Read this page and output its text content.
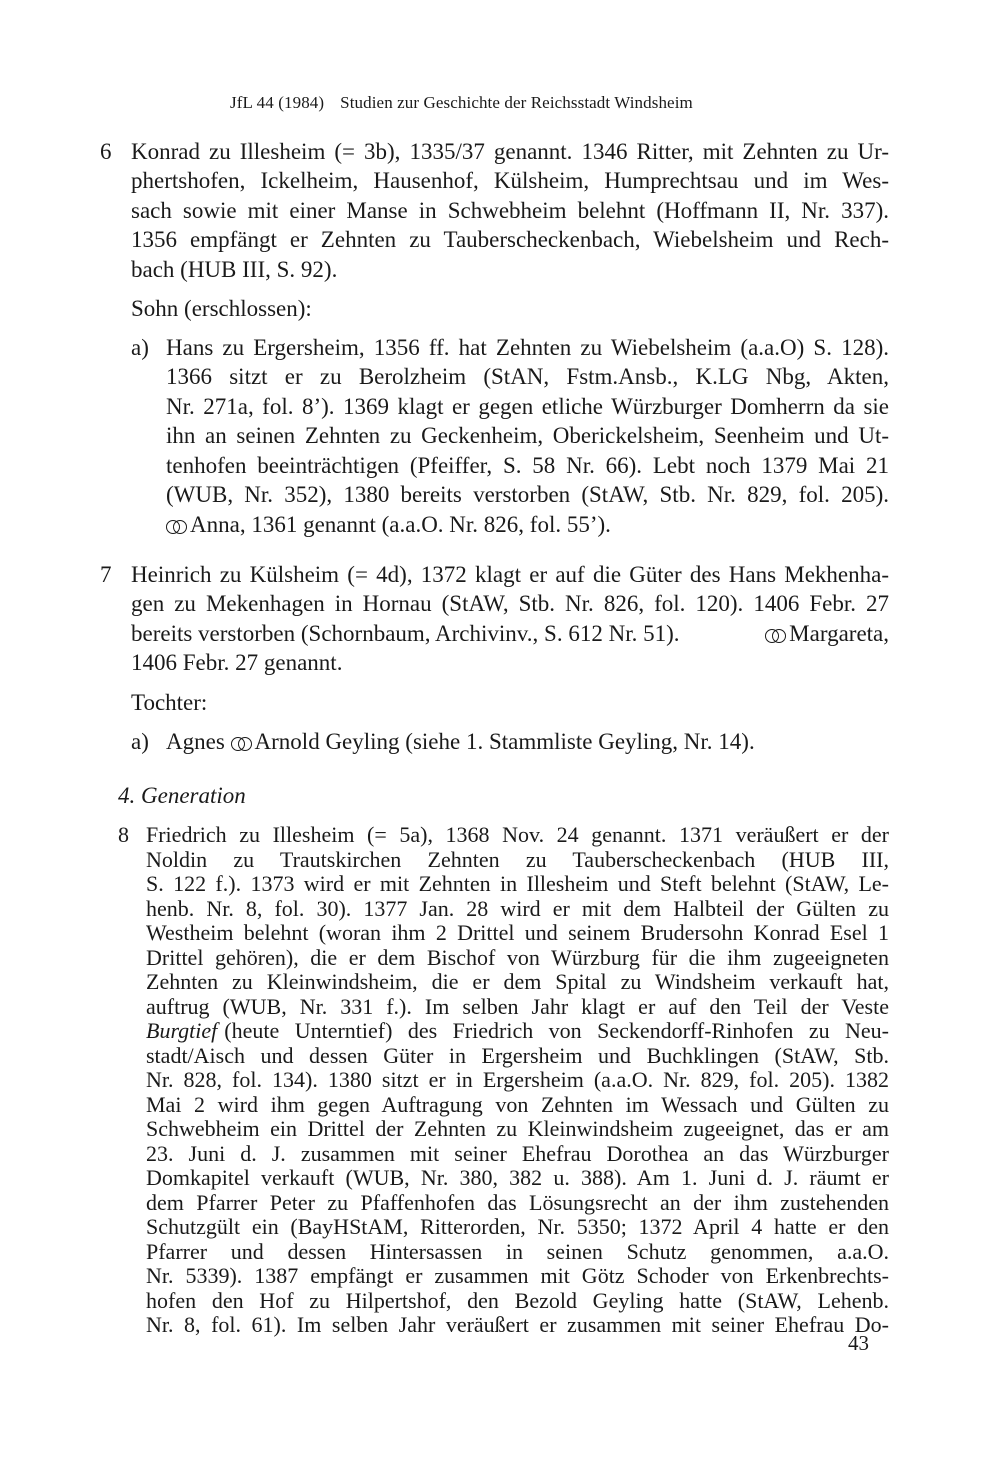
JfL 44 (1984) Studien zur Geschichte der Reichsstadt Windsheim
6 Konrad zu Illesheim (= 3b), 1335/37 genannt. 1346 Ritter, mit Zehnten zu Ur-
phertshofen, Ickelheim, Hausenhof, Külsheim, Humprechtsau und im Wes-
sach sowie mit einer Manse in Schwebheim belehnt (Hoffmann II, Nr. 337).
1356 empfängt er Zehnten zu Tauberscheckenbach, Wiebelsheim und Rech-
bach (HUB III, S. 92).
Sohn (erschlossen):
a) Hans zu Ergersheim, 1356 ff. hat Zehnten zu Wiebelsheim (a.a.O) S. 128).
1366 sitzt er zu Berolzheim (StAN, Fstm.Ansb., K.LG Nbg, Akten,
Nr. 271a, fol. 8’). 1369 klagt er gegen etliche Würzburger Domherrn da sie
ihn an seinen Zehnten zu Geckenheim, Oberickelsheim, Seenheim und Ut-
tenhofen beeinträchtigen (Pfeiffer, S. 58 Nr. 66). Lebt noch 1379 Mai 21
(WUB, Nr. 352), 1380 bereits verstorben (StAW, Stb. Nr. 829, fol. 205).
Anna, 1361 genannt (a.a.O. Nr. 826, fol. 55’).
7 Heinrich zu Külsheim (= 4d), 1372 klagt er auf die Güter des Hans Mekhenha-
gen zu Mekenhagen in Hornau (StAW, Stb. Nr. 826, fol. 120). 1406 Febr. 27
bereits verstorben (Schornbaum, Archivinv., S. 612 Nr. 51).	Margareta,
1406 Febr. 27 genannt.
Tochter:
a) Agnes Arnold Geyling (siehe 1. Stammliste Geyling, Nr. 14).
4. Generation
8 Friedrich zu Illesheim (= 5a), 1368 Nov. 24 genannt. 1371 veräußert er der
Noldin zu Trautskirchen Zehnten zu Tauberscheckenbach (HUB III,
S. 122 f.). 1373 wird er mit Zehnten in Illesheim und Steft belehnt (StAW, Le-
henb. Nr. 8, fol. 30). 1377 Jan. 28 wird er mit dem Halbteil der Gülten zu
Westheim belehnt (woran ihm 2 Drittel und seinem Brudersohn Konrad Esel 1
Drittel gehören), die er dem Bischof von Würzburg für die ihm zugeeigneten
Zehnten zu Kleinwindsheim, die er dem Spital zu Windsheim verkauft hat,
auftrug (WUB, Nr. 331 f.). Im selben Jahr klagt er auf den Teil der Veste
Burgtief (heute Unterntief) des Friedrich von Seckendorff-Rinhofen zu Neu-
stadt/Aisch und dessen Güter in Ergersheim und Buchklingen (StAW, Stb.
Nr. 828, fol. 134). 1380 sitzt er in Ergersheim (a.a.O. Nr. 829, fol. 205). 1382
Mai 2 wird ihm gegen Auftragung von Zehnten im Wessach und Gülten zu
Schwebheim ein Drittel der Zehnten zu Kleinwindsheim zugeeignet, das er am
23. Juni d. J. zusammen mit seiner Ehefrau Dorothea an das Würzburger
Domkapitel verkauft (WUB, Nr. 380, 382 u. 388). Am 1. Juni d. J. räumt er
dem Pfarrer Peter zu Pfaffenhofen das Lösungsrecht an der ihm zustehenden
Schutzgült ein (BayHStAM, Ritterorden, Nr. 5350; 1372 April 4 hatte er den
Pfarrer und dessen Hintersassen in seinen Schutz genommen, a.a.O.
Nr. 5339). 1387 empfängt er zusammen mit Götz Schoder von Erkenbrechts-
hofen den Hof zu Hilpertshof, den Bezold Geyling hatte (StAW, Lehenb.
Nr. 8, fol. 61). Im selben Jahr veräußert er zusammen mit seiner Ehefrau Do-
43
